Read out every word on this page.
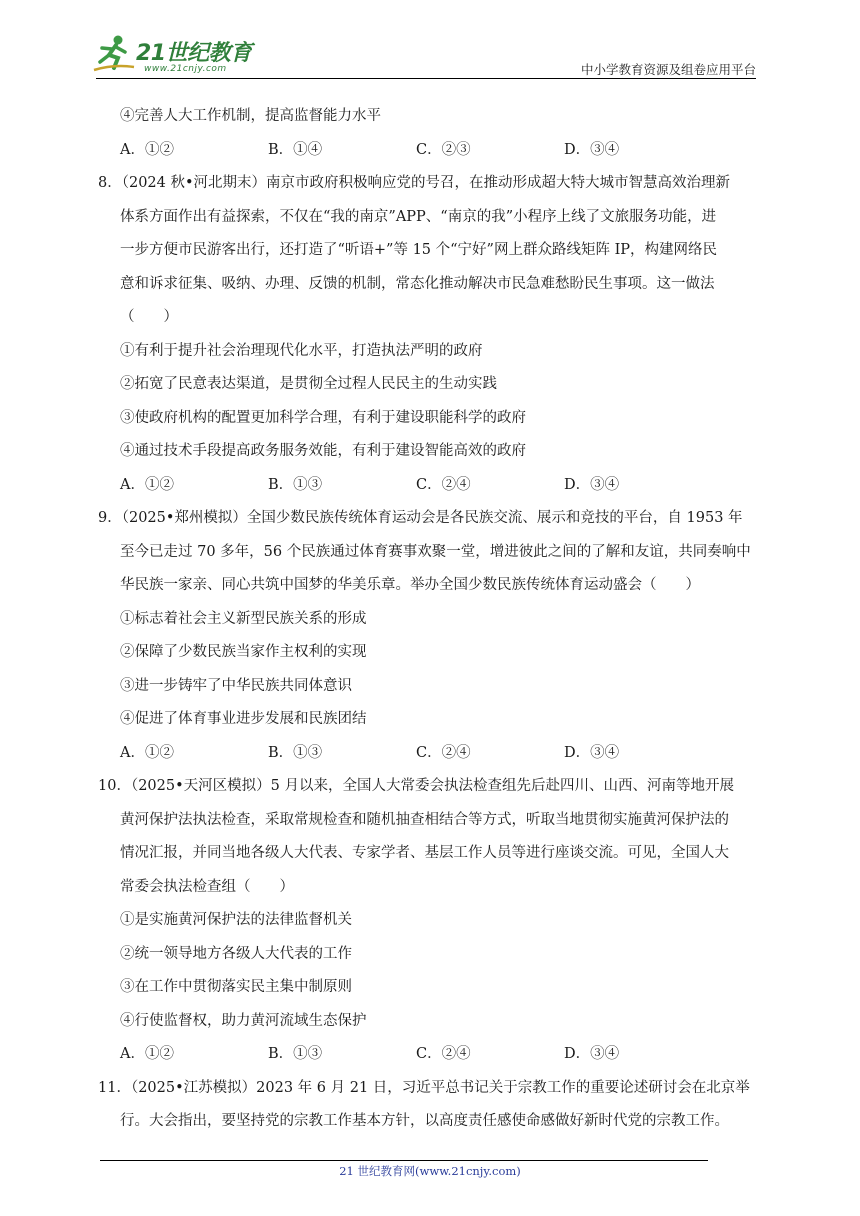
21世纪教育
www.21cnjy.com	中小学教育资源及组卷应用平台
④完善人大工作机制，提高监督能力水平
A．①②	B．①④	C．②③	D．③④
8．（2024 秋•河北期末）南京市政府积极响应党的号召，在推动形成超大特大城市智慧高效治理新
体系方面作出有益探索，不仅在“我的南京”APP、“南京的我”小程序上线了文旅服务功能，进
一步方便市民游客出行，还打造了“听语+”等 15 个“宁好”网上群众路线矩阵 IP，构建网络民
意和诉求征集、吸纳、办理、反馈的机制，常态化推动解决市民急难愁盼民生事项。这一做法
（　　）
①有利于提升社会治理现代化水平，打造执法严明的政府
②拓宽了民意表达渠道，是贯彻全过程人民民主的生动实践
③使政府机构的配置更加科学合理，有利于建设职能科学的政府
④通过技术手段提高政务服务效能，有利于建设智能高效的政府
A．①②	B．①③	C．②④	D．③④
9．（2025•郑州模拟）全国少数民族传统体育运动会是各民族交流、展示和竞技的平台，自 1953 年
至今已走过 70 多年，56 个民族通过体育赛事欢聚一堂，增进彼此之间的了解和友谊，共同奏响中
华民族一家亲、同心共筑中国梦的华美乐章。举办全国少数民族传统体育运动盛会（　　）
①标志着社会主义新型民族关系的形成
②保障了少数民族当家作主权利的实现
③进一步铸牢了中华民族共同体意识
④促进了体育事业进步发展和民族团结
A．①②	B．①③	C．②④	D．③④
10．（2025•天河区模拟）5 月以来，全国人大常委会执法检查组先后赴四川、山西、河南等地开展
黄河保护法执法检查，采取常规检查和随机抽查相结合等方式，听取当地贯彻实施黄河保护法的
情况汇报，并同当地各级人大代表、专家学者、基层工作人员等进行座谈交流。可见，全国人大
常委会执法检查组（　　）
①是实施黄河保护法的法律监督机关
②统一领导地方各级人大代表的工作
③在工作中贯彻落实民主集中制原则
④行使监督权，助力黄河流域生态保护
A．①②	B．①③	C．②④	D．③④
11．（2025•江苏模拟）2023 年 6 月 21 日，习近平总书记关于宗教工作的重要论述研讨会在北京举
行。大会指出，要坚持党的宗教工作基本方针，以高度责任感使命感做好新时代党的宗教工作。
21 世纪教育网(www.21cnjy.com)
